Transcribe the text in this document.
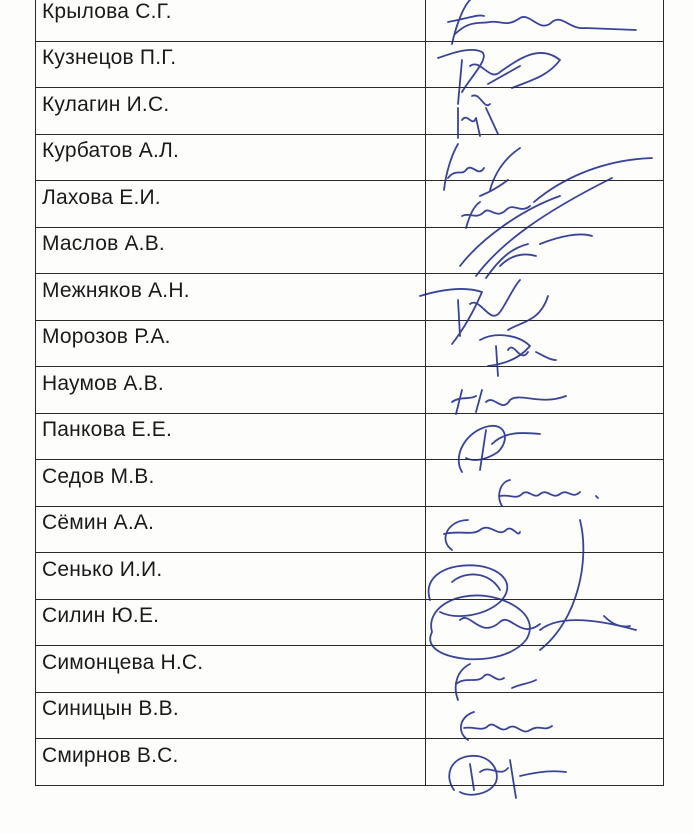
Крылова С.Г.	

Кузнецов П.Г.	

Кулагин И.С.	

Курбатов А.Л.	

Лахова Е.И.	

Маслов А.В.	

Межняков А.Н.	

Морозов Р.А.	

Наумов А.В.	

Панкова Е.Е.	

Седов М.В.	

Сёмин А.А.	

Сенько И.И.	

Силин Ю.Е.	

Симонцева Н.С.	

Синицын В.В.	

Смирнов В.С.	
